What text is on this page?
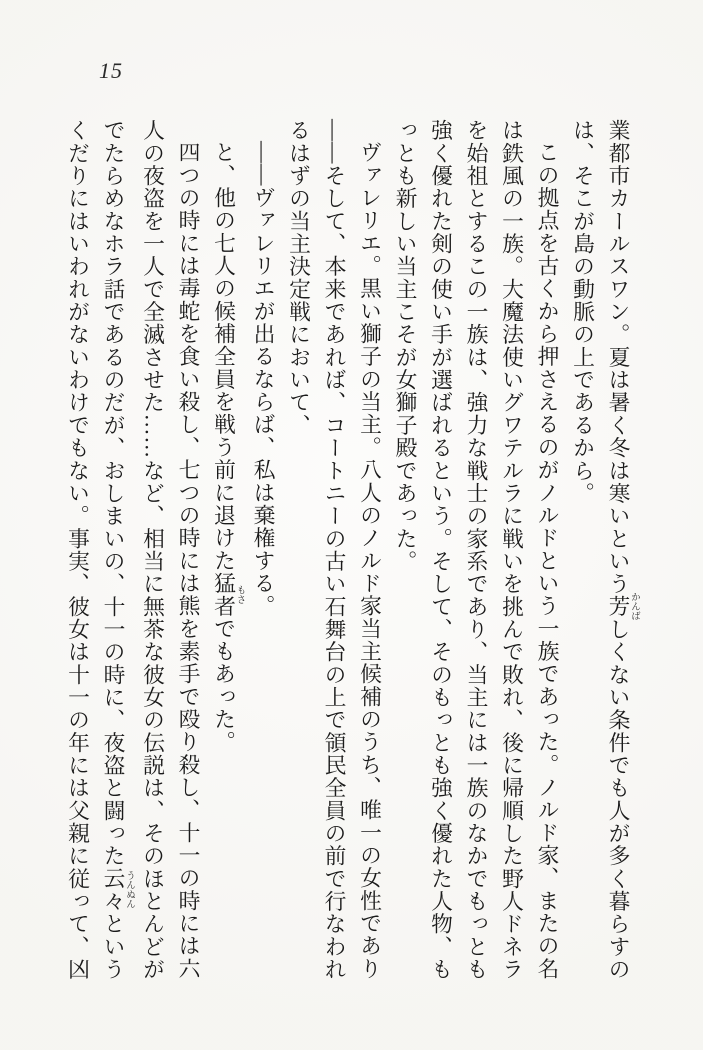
15

業都市カールスワン。夏は暑く冬は寒いという芳 かんばしくない条件でも人が多く暮らすの

は、そこが島の動脈の上であるから。

この拠点を古くから押さえるのがノルドという一族であった。ノルド家、またの名

は鉄風の一族。大魔法使いグワテルラに戦いを挑んで敗れ、後に帰順した野人ドネラ

を始祖とするこの一族は、強力な戦士の家系であり、当主には一族のなかでもっとも

強く優れた剣の使い手が選ばれるという。そして、そのもっとも強く優れた人物、も

っとも新しい当主こそが女獅子殿であった。

ヴァレリエ。黒い獅子の当主。八人のノルド家当主候補のうち、唯一の女性であり

——そして、本来であれば、コートニーの古い石舞台の上で領民全員の前で行なわれ

るはずの当主決定戦において、

——ヴァレリエが出るならば、私は棄権する。

と、他の七人の候補全員を戦う前に退けた猛者 もさでもあった。

四つの時には毒蛇を食い殺し、七つの時には熊を素手で殴り殺し、十一の時には六

人の夜盗を一人で全滅させた……など、相当に無茶な彼女の伝説は、そのほとんどが

でたらめなホラ話であるのだが、おしまいの、十一の時に、夜盗と闘った云々 うんぬんという

くだりにはいわれがないわけでもない。事実、彼女は十一の年には父親に従って、凶
